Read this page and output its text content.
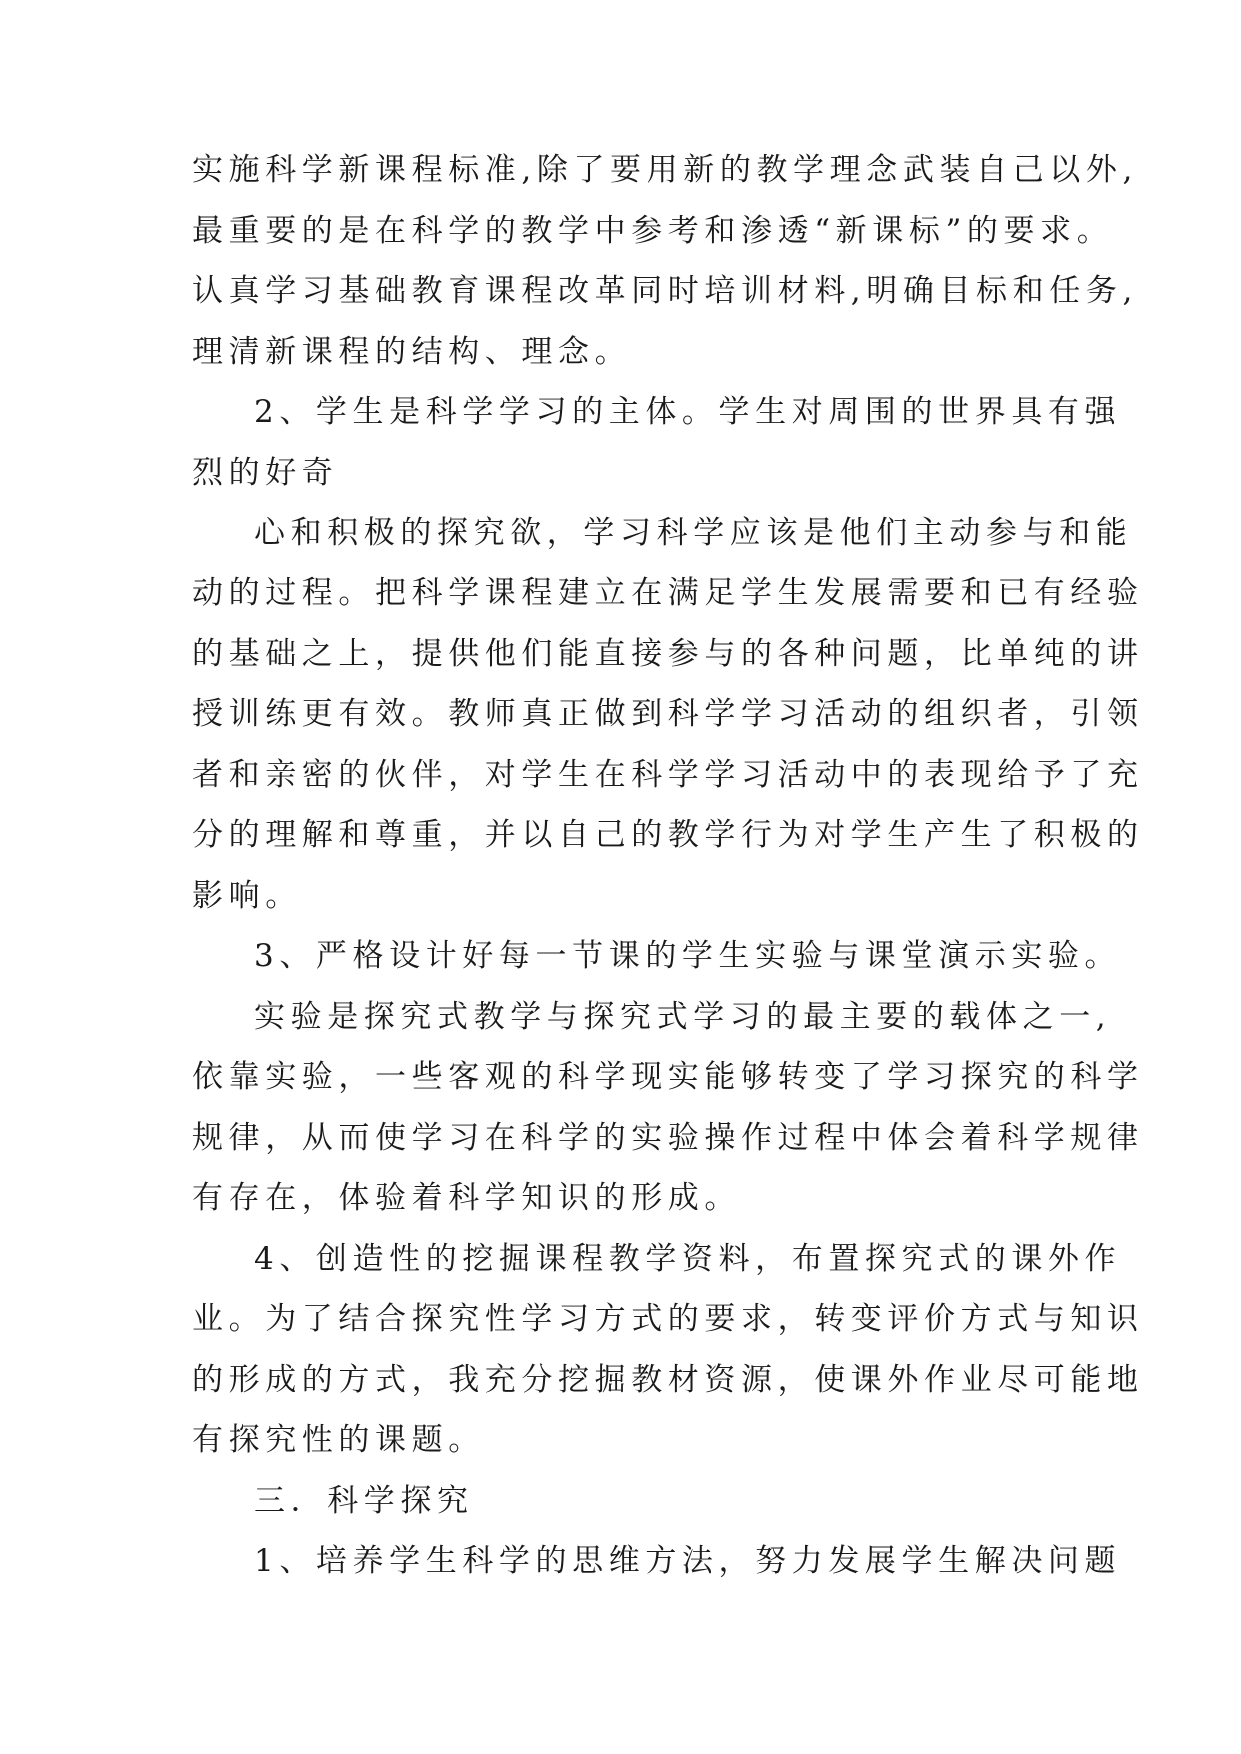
实施科学新课程标准,除了要用新的教学理念武装自己以外,
最重要的是在科学的教学中参考和渗透“新课标”的要求。
认真学习基础教育课程改革同时培训材料,明确目标和任务,
理清新课程的结构、理念。
2、学生是科学学习的主体。学生对周围的世界具有强
烈的好奇
心和积极的探究欲，学习科学应该是他们主动参与和能
动的过程。把科学课程建立在满足学生发展需要和已有经验
的基础之上，提供他们能直接参与的各种问题，比单纯的讲
授训练更有效。教师真正做到科学学习活动的组织者，引领
者和亲密的伙伴，对学生在科学学习活动中的表现给予了充
分的理解和尊重，并以自己的教学行为对学生产生了积极的
影响。
3、严格设计好每一节课的学生实验与课堂演示实验。
实验是探究式教学与探究式学习的最主要的载体之一,
依靠实验，一些客观的科学现实能够转变了学习探究的科学
规律，从而使学习在科学的实验操作过程中体会着科学规律
有存在，体验着科学知识的形成。
4、创造性的挖掘课程教学资料，布置探究式的课外作
业。为了结合探究性学习方式的要求，转变评价方式与知识
的形成的方式，我充分挖掘教材资源，使课外作业尽可能地
有探究性的课题。
三．科学探究
1、培养学生科学的思维方法，努力发展学生解决问题
